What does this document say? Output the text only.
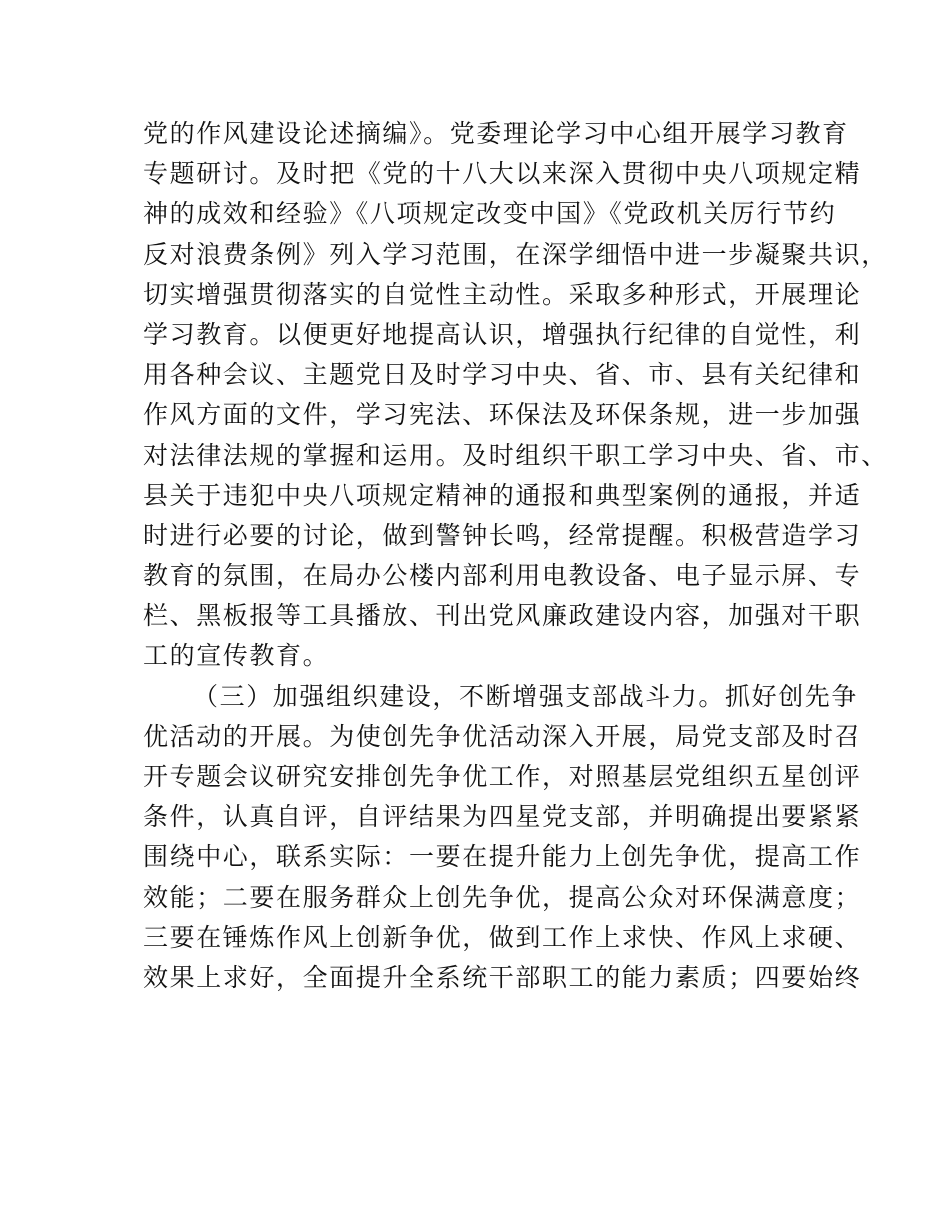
党的作风建设论述摘编》。党委理论学习中心组开展学习教育
专题研讨。及时把《党的十八大以来深入贯彻中央八项规定精
神的成效和经验》《八项规定改变中国》《党政机关厉行节约
反对浪费条例》列入学习范围，在深学细悟中进一步凝聚共识，
切实增强贯彻落实的自觉性主动性。采取多种形式，开展理论
学习教育。以便更好地提高认识，增强执行纪律的自觉性，利
用各种会议、主题党日及时学习中央、省、市、县有关纪律和
作风方面的文件，学习宪法、环保法及环保条规，进一步加强
对法律法规的掌握和运用。及时组织干职工学习中央、省、市、
县关于违犯中央八项规定精神的通报和典型案例的通报，并适
时进行必要的讨论，做到警钟长鸣，经常提醒。积极营造学习
教育的氛围，在局办公楼内部利用电教设备、电子显示屏、专
栏、黑板报等工具播放、刊出党风廉政建设内容，加强对干职
工的宣传教育。
（三）加强组织建设，不断增强支部战斗力。抓好创先争
优活动的开展。为使创先争优活动深入开展，局党支部及时召
开专题会议研究安排创先争优工作，对照基层党组织五星创评
条件，认真自评，自评结果为四星党支部，并明确提出要紧紧
围绕中心，联系实际：一要在提升能力上创先争优，提高工作
效能；二要在服务群众上创先争优，提高公众对环保满意度；
三要在锤炼作风上创新争优，做到工作上求快、作风上求硬、
效果上求好，全面提升全系统干部职工的能力素质；四要始终
